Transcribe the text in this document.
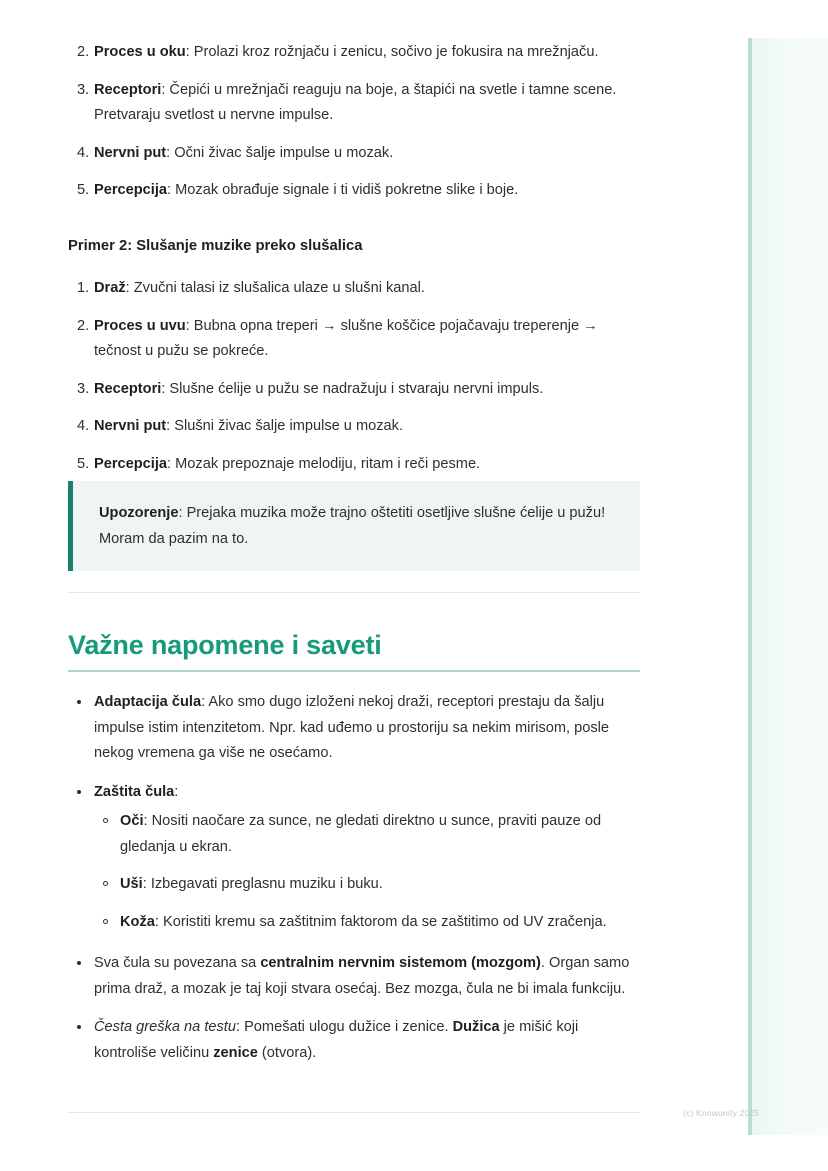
2. Proces u oku: Prolazi kroz rožnjaču i zenicu, sočivo je fokusira na mrežnjaču.
3. Receptori: Čepići u mrežnjači reaguju na boje, a štapići na svetle i tamne scene. Pretvaraju svetlost u nervne impulse.
4. Nervni put: Očni živac šalje impulse u mozak.
5. Percepcija: Mozak obrađuje signale i ti vidiš pokretne slike i boje.
Primer 2: Slušanje muzike preko slušalica
1. Draž: Zvučni talasi iz slušalica ulaze u slušni kanal.
2. Proces u uvu: Bubna opna treperi → slušne koščice pojačavaju treperenje → tečnost u pužu se pokreće.
3. Receptori: Slušne ćelije u pužu se nadražuju i stvaraju nervni impuls.
4. Nervni put: Slušni živac šalje impulse u mozak.
5. Percepcija: Mozak prepoznaje melodiju, ritam i reči pesme.

Upozorenje: Prejaka muzika može trajno oštetiti osetljive slušne ćelije u pužu! Moram da pazim na to.

Važne napomene i saveti
Adaptacija čula: Ako smo dugo izloženi nekoj draži, receptori prestaju da šalju impulse istim intenzitetom. Npr. kad uđemo u prostoriju sa nekim mirisom, posle nekog vremena ga više ne osećamo.
Zaštita čula:
Oči: Nositi naočare za sunce, ne gledati direktno u sunce, praviti pauze od gledanja u ekran.
Uši: Izbegavati preglasnu muziku i buku.
Koža: Koristiti kremu sa zaštitnim faktorom da se zaštitimo od UV zračenja.
Sva čula su povezana sa centralnim nervnim sistemom (mozgom). Organ samo prima draž, a mozak je taj koji stvara osećaj. Bez mozga, čula ne bi imala funkciju.
Česta greška na testu: Pomešati ulogu dužice i zenice. Dužica je mišić koji kontroliše veličinu zenice (otvora).
(c) Knowunity 2025
